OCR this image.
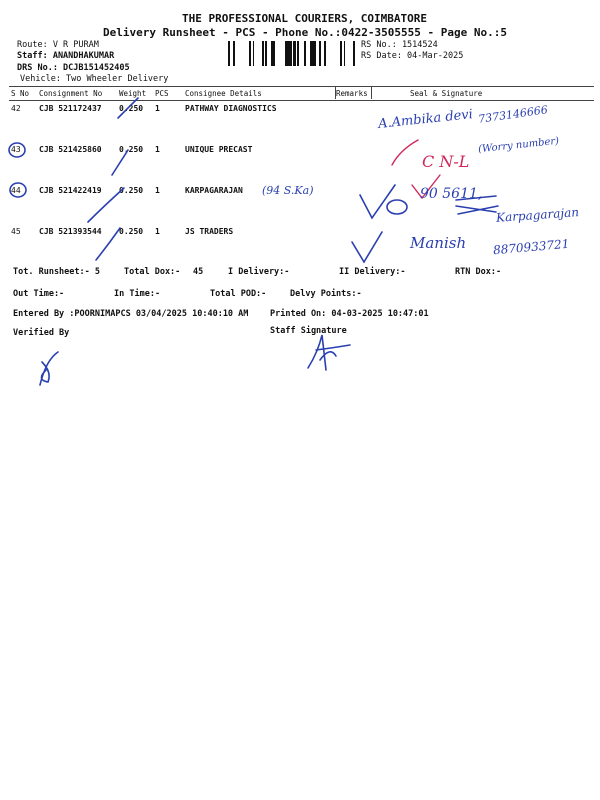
THE PROFESSIONAL COURIERS, COIMBATORE
Delivery Runsheet - PCS - Phone No.:0422-3505555 - Page No.:5
Route: V R PURAM
Staff: ANANDHAKUMAR
DRS No.: DCJB151452405
Vehicle: Two Wheeler Delivery
RS No.: 1514524
RS Date: 04-Mar-2025
S No	Consignment No	Weight	PCS	Consignee Details	Remarks	Seal & Signature
42	CJB 521172437	0.250	1	PATHWAY DIAGNOSTICS		
43	CJB 521425860	0.250	1	UNIQUE PRECAST		
44	CJB 521422419	0.250	1	KARPAGARAJAN		
45	CJB 521393544	0.250	1	JS TRADERS		
Tot. Runsheet:- 5	Total Dox:- 45	I Delivery:-	II Delivery:-	RTN Dox:-
Out Time:-	In Time:-	Total POD:-	Delvy Points:-
Entered By :POORNIMAPCS 03/04/2025 10:40:10 AM	Printed On: 04-03-2025 10:47:01
Verified By	Staff Signature
A.Ambika devi 7373146666
(Worry number)
C N-L
(94 S.Ka)	90 5611,
Karpagarajan
Manish 8870933721
